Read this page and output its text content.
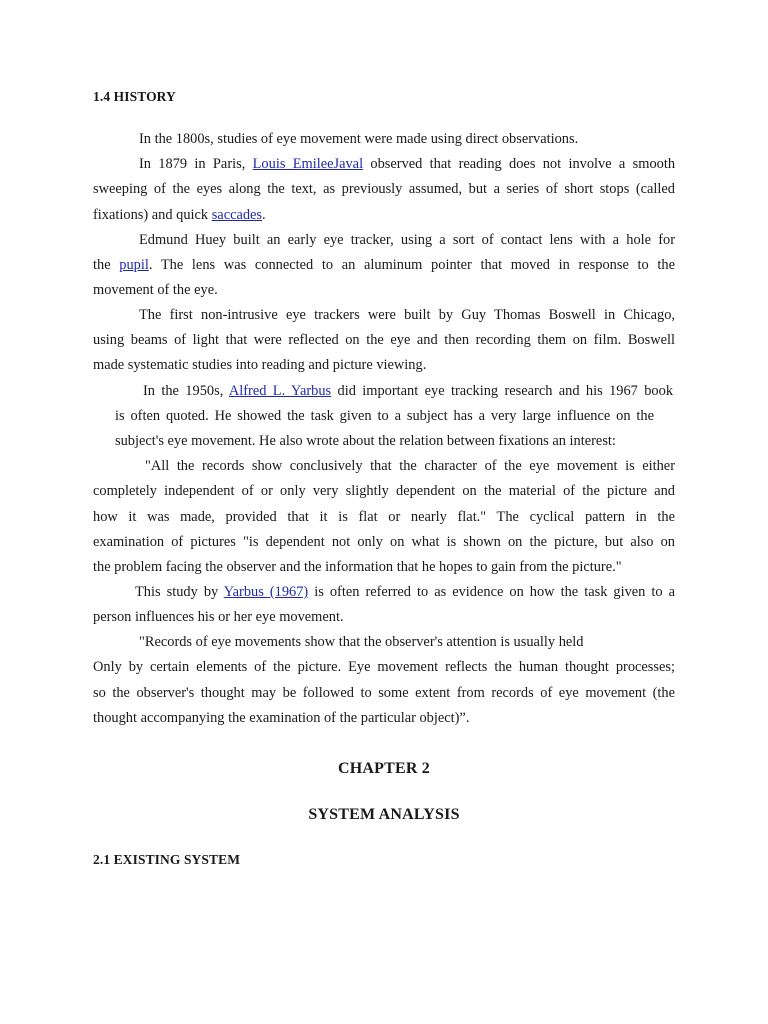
1.4 HISTORY
In the 1800s, studies of eye movement were made using direct observations.
In 1879 in Paris, Louis EmileeJaval observed that reading does not involve a smooth
sweeping of the eyes along the text, as previously assumed, but a series of short stops (called
fixations) and quick saccades.
Edmund Huey built an early eye tracker, using a sort of contact lens with a hole for
the pupil. The lens was connected to an aluminum pointer that moved in response to the
movement of the eye.
The first non-intrusive eye trackers were built by Guy Thomas Boswell in Chicago,
using beams of light that were reflected on the eye and then recording them on film. Boswell
made systematic studies into reading and picture viewing.
In the 1950s, Alfred L. Yarbus did important eye tracking research and his 1967 book
is often quoted. He showed the task given to a subject has a very large influence on the
subject's eye movement. He also wrote about the relation between fixations an interest:
"All the records show conclusively that the character of the eye movement is either
completely independent of or only very slightly dependent on the material of the picture and
how it was made, provided that it is flat or nearly flat." The cyclical pattern in the
examination of pictures "is dependent not only on what is shown on the picture, but also on
the problem facing the observer and the information that he hopes to gain from the picture."
This study by Yarbus (1967) is often referred to as evidence on how the task given to a
person influences his or her eye movement.
"Records of eye movements show that the observer's attention is usually held
Only by certain elements of the picture. Eye movement reflects the human thought processes;
so the observer's thought may be followed to some extent from records of eye movement (the
thought accompanying the examination of the particular object)”.
CHAPTER 2
SYSTEM ANALYSIS
2.1 EXISTING SYSTEM
